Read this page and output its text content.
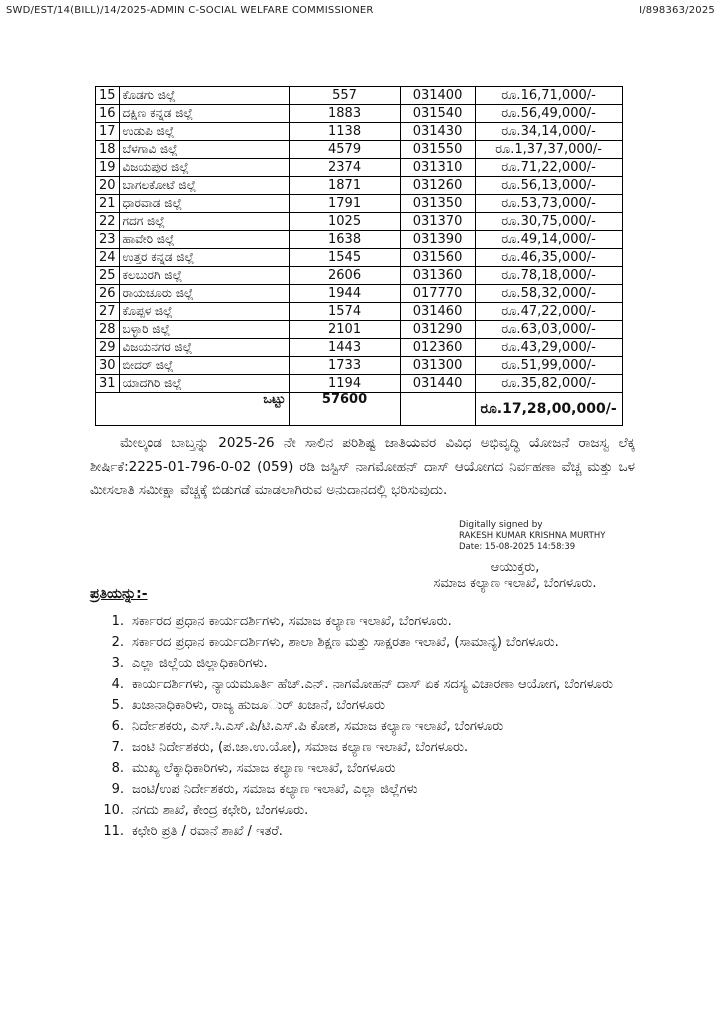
SWD/EST/14(BILL)/14/2025-ADMIN C-SOCIAL WELFARE COMMISSIONER	I/898363/2025
15	ಕೊಡಗು ಜಿಲ್ಲೆ	557	031400	ರೂ.16,71,000/-
16	ದಕ್ಷಿಣ ಕನ್ನಡ ಜಿಲ್ಲೆ	1883	031540	ರೂ.56,49,000/-
17	ಉಡುಪಿ ಜಿಲ್ಲೆ	1138	031430	ರೂ.34,14,000/-
18	ಬೆಳಗಾವಿ ಜಿಲ್ಲೆ	4579	031550	ರೂ.1,37,37,000/-
19	ವಿಜಯಪುರ ಜಿಲ್ಲೆ	2374	031310	ರೂ.71,22,000/-
20	ಬಾಗಲಕೋಟೆ ಜಿಲ್ಲೆ	1871	031260	ರೂ.56,13,000/-
21	ಧಾರವಾಡ ಜಿಲ್ಲೆ	1791	031350	ರೂ.53,73,000/-
22	ಗದಗ ಜಿಲ್ಲೆ	1025	031370	ರೂ.30,75,000/-
23	ಹಾವೇರಿ ಜಿಲ್ಲೆ	1638	031390	ರೂ.49,14,000/-
24	ಉತ್ತರ ಕನ್ನಡ ಜಿಲ್ಲೆ	1545	031560	ರೂ.46,35,000/-
25	ಕಲಬುರಗಿ ಜಿಲ್ಲೆ	2606	031360	ರೂ.78,18,000/-
26	ರಾಯಚೂರು ಜಿಲ್ಲೆ	1944	017770	ರೂ.58,32,000/-
27	ಕೊಪ್ಪಳ ಜಿಲ್ಲೆ	1574	031460	ರೂ.47,22,000/-
28	ಬಳ್ಳಾರಿ ಜಿಲ್ಲೆ	2101	031290	ರೂ.63,03,000/-
29	ವಿಜಯನಗರ ಜಿಲ್ಲೆ	1443	012360	ರೂ.43,29,000/-
30	ಬೀದರ್ ಜಿಲ್ಲೆ	1733	031300	ರೂ.51,99,000/-
31	ಯಾದಗಿರಿ ಜಿಲ್ಲೆ	1194	031440	ರೂ.35,82,000/-
ಒಟ್ಟು		57600		ರೂ.17,28,00,000/-
ಮೇಲ್ಕಂಡ ಬಾಬ್ತನ್ನು 2025-26 ನೇ ಸಾಲಿನ ಪರಿಶಿಷ್ಟ ಜಾತಿಯವರ ವಿವಿಧ ಅಭಿವೃದ್ಧಿ ಯೋಜನೆ ರಾಜಸ್ವ ಲೆಕ್ಕ ಶೀರ್ಷಿಕೆ:2225-01-796-0-02 (059) ರಡಿ ಜಸ್ಟಿಸ್ ನಾಗಮೋಹನ್ ದಾಸ್ ಆಯೋಗದ ನಿರ್ವಹಣಾ ವೆಚ್ಚ ಮತ್ತು ಒಳ ಮೀಸಲಾತಿ ಸಮೀಕ್ಷಾ ವೆಚ್ಚಕ್ಕೆ ಬಿಡುಗಡೆ ಮಾಡಲಾಗಿರುವ ಅನುದಾನದಲ್ಲಿ ಭರಿಸುವುದು.
Digitally signed by
RAKESH KUMAR KRISHNA MURTHY
Date: 15-08-2025 14:58:39
ಆಯುಕ್ತರು,
ಸಮಾಜ ಕಲ್ಯಾಣ ಇಲಾಖೆ, ಬೆಂಗಳೂರು.
ಪ್ರತಿಯನ್ನು:-
1. ಸರ್ಕಾರದ ಪ್ರಧಾನ ಕಾರ್ಯದರ್ಶಿಗಳು, ಸಮಾಜ ಕಲ್ಯಾಣ ಇಲಾಖೆ, ಬೆಂಗಳೂರು.
2. ಸರ್ಕಾರದ ಪ್ರಧಾನ ಕಾರ್ಯದರ್ಶಿಗಳು, ಶಾಲಾ ಶಿಕ್ಷಣ ಮತ್ತು ಸಾಕ್ಷರತಾ ಇಲಾಖೆ, (ಸಾಮಾನ್ಯ) ಬೆಂಗಳೂರು.
3. ಎಲ್ಲಾ ಜಿಲ್ಲೆಯ ಜಿಲ್ಲಾಧಿಕಾರಿಗಳು.
4. ಕಾರ್ಯದರ್ಶಿಗಳು, ನ್ಯಾಯಮೂರ್ತಿ ಹೆಚ್.ಎನ್. ನಾಗಮೋಹನ್ ದಾಸ್ ಏಕ ಸದಸ್ಯ ವಿಚಾರಣಾ ಆಯೋಗ, ಬೆಂಗಳೂರು
5. ಖಜಾನಾಧಿಕಾರಿಳು, ರಾಜ್ಯ ಹುಜೂ◌ುರ್ ಖಜಾನೆ, ಬೆಂಗಳೂರು
6. ನಿರ್ದೇಶಕರು, ಎಸ್.ಸಿ.ಎಸ್.ಪಿ/ಟಿ.ಎಸ್.ಪಿ ಕೋಶ, ಸಮಾಜ ಕಲ್ಯಾಣ ಇಲಾಖೆ, ಬೆಂಗಳೂರು
7. ಜಂಟಿ ನಿರ್ದೇಶಕರು, (ಪ.ಜಾ.ಉ.ಯೋ), ಸಮಾಜ ಕಲ್ಯಾಣ ಇಲಾಖೆ, ಬೆಂಗಳೂರು.
8. ಮುಖ್ಯ ಲೆಕ್ಕಾಧಿಕಾರಿಗಳು, ಸಮಾಜ ಕಲ್ಯಾಣ ಇಲಾಖೆ, ಬೆಂಗಳೂರು
9. ಜಂಟಿ/ಉಪ ನಿರ್ದೇಶಕರು, ಸಮಾಜ ಕಲ್ಯಾಣ ಇಲಾಖೆ, ಎಲ್ಲಾ ಜಿಲ್ಲೆಗಳು
10. ನಗದು ಶಾಖೆ, ಕೇಂದ್ರ ಕಛೇರಿ, ಬೆಂಗಳೂರು.
11. ಕಛೇರಿ ಪ್ರತಿ / ರವಾನೆ ಶಾಖೆ / ಇತರೆ.
